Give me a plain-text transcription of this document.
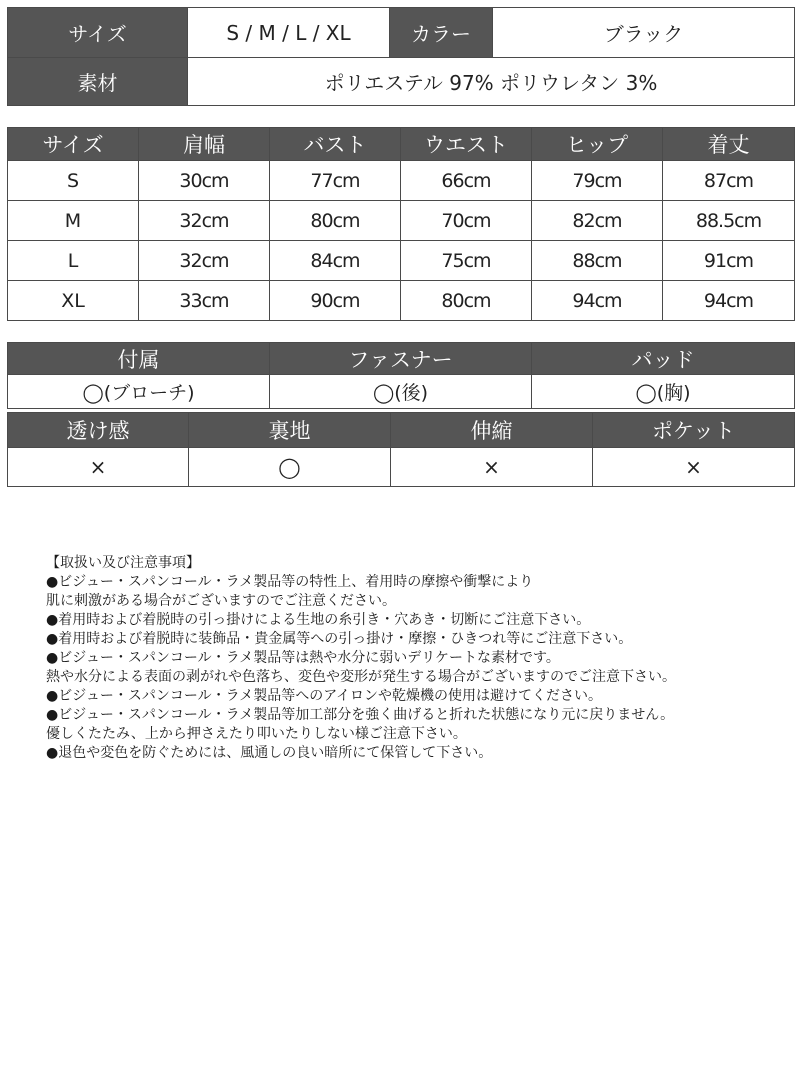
サイズ	S / M / L / XL	カラー	ブラック
素材	ポリエステル 97% ポリウレタン 3%		
サイズ	肩幅	バスト	ウエスト	ヒップ	着丈
S	30cm	77cm	66cm	79cm	87cm
M	32cm	80cm	70cm	82cm	88.5cm
L	32cm	84cm	75cm	88cm	91cm
XL	33cm	90cm	80cm	94cm	94cm
付属	ファスナー	パッド
◯(ブローチ)	◯(後)	◯(胸)
透け感	裏地	伸縮	ポケット
×	◯	×	×
【取扱い及び注意事項】
●ビジュー・スパンコール・ラメ製品等の特性上、着用時の摩擦や衝撃により
肌に刺激がある場合がございますのでご注意ください。
●着用時および着脱時の引っ掛けによる生地の糸引き・穴あき・切断にご注意下さい。
●着用時および着脱時に装飾品・貴金属等への引っ掛け・摩擦・ひきつれ等にご注意下さい。
●ビジュー・スパンコール・ラメ製品等は熱や水分に弱いデリケートな素材です。
熱や水分による表面の剥がれや色落ち、変色や変形が発生する場合がございますのでご注意下さい。
●ビジュー・スパンコール・ラメ製品等へのアイロンや乾燥機の使用は避けてください。
●ビジュー・スパンコール・ラメ製品等加工部分を強く曲げると折れた状態になり元に戻りません。
優しくたたみ、上から押さえたり叩いたりしない様ご注意下さい。
●退色や変色を防ぐためには、風通しの良い暗所にて保管して下さい。
